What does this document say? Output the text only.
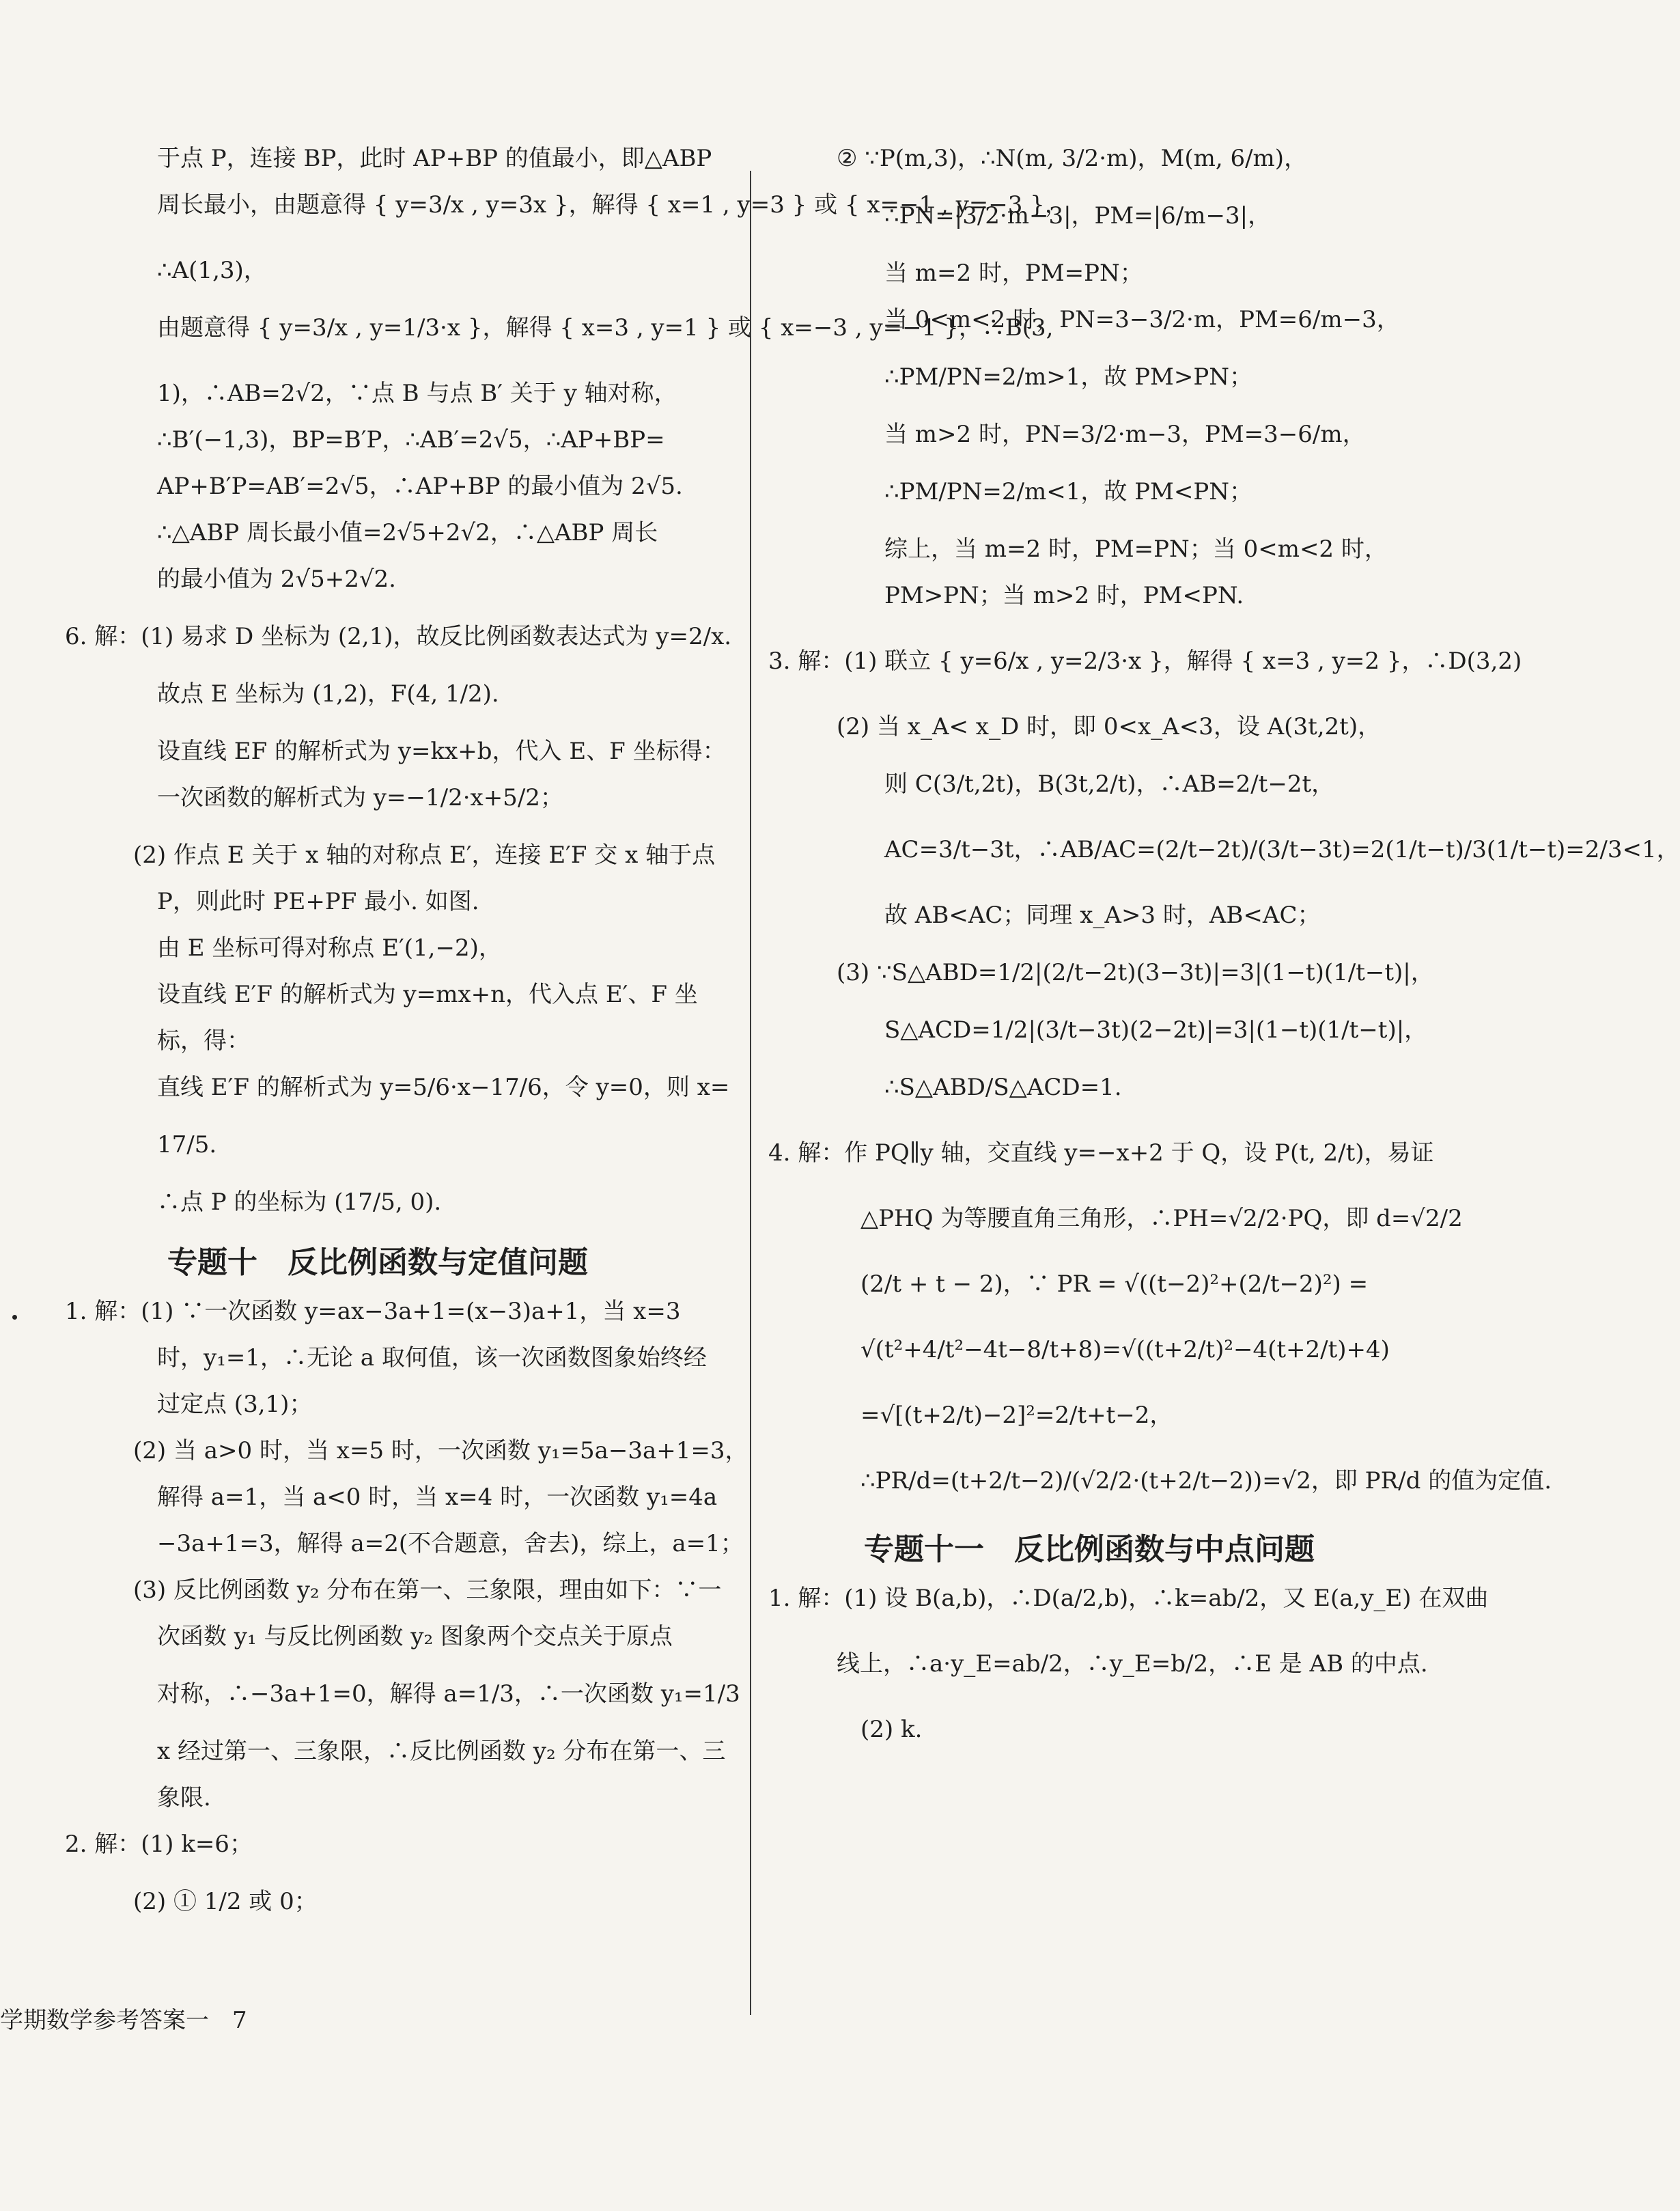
于点 P，连接 BP，此时 AP+BP 的值最小，即△ABP
周长最小，由题意得 { y=3/x , y=3x }，解得 { x=1 , y=3 } 或 { x=−1 , y=−3 }，
∴A(1,3)，
由题意得 { y=3/x , y=1/3·x }，解得 { x=3 , y=1 } 或 { x=−3 , y=−1 }，∴B(3,
1)，∴AB=2√2，∵点 B 与点 B′ 关于 y 轴对称，
∴B′(−1,3)，BP=B′P，∴AB′=2√5，∴AP+BP=
AP+B′P=AB′=2√5，∴AP+BP 的最小值为 2√5.
∴△ABP 周长最小值=2√5+2√2，∴△ABP 周长
的最小值为 2√5+2√2.
6. 解：(1) 易求 D 坐标为 (2,1)，故反比例函数表达式为 y=2/x.
故点 E 坐标为 (1,2)，F(4, 1/2).
设直线 EF 的解析式为 y=kx+b，代入 E、F 坐标得：
一次函数的解析式为 y=−1/2·x+5/2；
(2) 作点 E 关于 x 轴的对称点 E′，连接 E′F 交 x 轴于点
P，则此时 PE+PF 最小. 如图.
由 E 坐标可得对称点 E′(1,−2)，
设直线 E′F 的解析式为 y=mx+n，代入点 E′、F 坐
标，得：
直线 E′F 的解析式为 y=5/6·x−17/6，令 y=0，则 x=
17/5.
∴点 P 的坐标为 (17/5, 0).
专题十　反比例函数与定值问题
1. 解：(1) ∵一次函数 y=ax−3a+1=(x−3)a+1，当 x=3
时，y₁=1，∴无论 a 取何值，该一次函数图象始终经
过定点 (3,1)；
(2) 当 a>0 时，当 x=5 时，一次函数 y₁=5a−3a+1=3，
解得 a=1，当 a<0 时，当 x=4 时，一次函数 y₁=4a
−3a+1=3，解得 a=2(不合题意，舍去)，综上，a=1；
(3) 反比例函数 y₂ 分布在第一、三象限，理由如下：∵一
次函数 y₁ 与反比例函数 y₂ 图象两个交点关于原点
对称，∴−3a+1=0，解得 a=1/3，∴一次函数 y₁=1/3
x 经过第一、三象限，∴反比例函数 y₂ 分布在第一、三
象限.
2. 解：(1) k=6；
(2) ① 1/2 或 0；
② ∵P(m,3)，∴N(m, 3/2·m)，M(m, 6/m)，
∴PN=|3/2·m−3|，PM=|6/m−3|，
当 m=2 时，PM=PN；
当 0<m<2 时，PN=3−3/2·m，PM=6/m−3，
∴PM/PN=2/m>1，故 PM>PN；
当 m>2 时，PN=3/2·m−3，PM=3−6/m，
∴PM/PN=2/m<1，故 PM<PN；
综上，当 m=2 时，PM=PN；当 0<m<2 时，
PM>PN；当 m>2 时，PM<PN.
3. 解：(1) 联立 { y=6/x , y=2/3·x }，解得 { x=3 , y=2 }，∴D(3,2)
(2) 当 x_A< x_D 时，即 0<x_A<3，设 A(3t,2t)，
则 C(3/t,2t)，B(3t,2/t)，∴AB=2/t−2t，
AC=3/t−3t，∴AB/AC=(2/t−2t)/(3/t−3t)=2(1/t−t)/3(1/t−t)=2/3<1，
故 AB<AC；同理 x_A>3 时，AB<AC；
(3) ∵S△ABD=1/2|(2/t−2t)(3−3t)|=3|(1−t)(1/t−t)|，
S△ACD=1/2|(3/t−3t)(2−2t)|=3|(1−t)(1/t−t)|，
∴S△ABD/S△ACD=1.
4. 解：作 PQ∥y 轴，交直线 y=−x+2 于 Q，设 P(t, 2/t)，易证
△PHQ 为等腰直角三角形，∴PH=√2/2·PQ，即 d=√2/2
(2/t + t − 2)，∵ PR = √((t−2)²+(2/t−2)²) =
√(t²+4/t²−4t−8/t+8)=√((t+2/t)²−4(t+2/t)+4)
=√[(t+2/t)−2]²=2/t+t−2，
∴PR/d=(t+2/t−2)/(√2/2·(t+2/t−2))=√2，即 PR/d 的值为定值.
专题十一　反比例函数与中点问题
1. 解：(1) 设 B(a,b)，∴D(a/2,b)，∴k=ab/2，又 E(a,y_E) 在双曲
线上，∴a·y_E=ab/2，∴y_E=b/2，∴E 是 AB 的中点.
(2) k.
学期数学参考答案一　7
